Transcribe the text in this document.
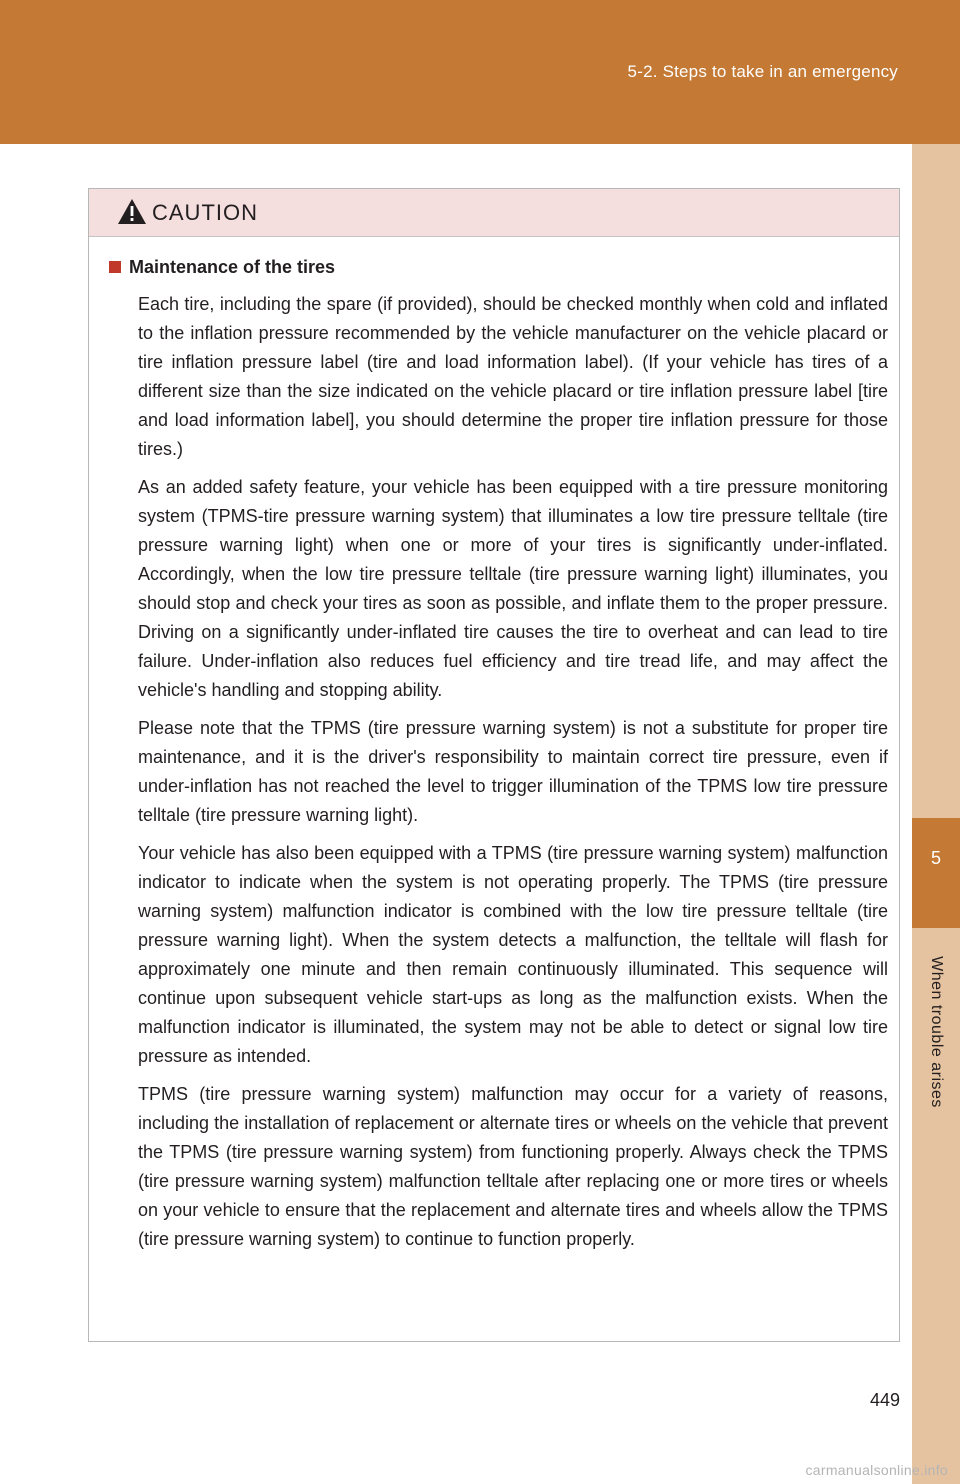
5-2. Steps to take in an emergency
5
When trouble arises
CAUTION
Maintenance of the tires

Each tire, including the spare (if provided), should be checked monthly when cold and inflated to the inflation pressure recommended by the vehicle manufacturer on the vehicle placard or tire inflation pressure label (tire and load information label). (If your vehicle has tires of a different size than the size indicated on the vehicle placard or tire inflation pressure label [tire and load information label], you should determine the proper tire inflation pressure for those tires.)

As an added safety feature, your vehicle has been equipped with a tire pressure monitoring system (TPMS-tire pressure warning system) that illuminates a low tire pressure telltale (tire pressure warning light) when one or more of your tires is significantly under-inflated. Accordingly, when the low tire pressure telltale (tire pressure warning light) illuminates, you should stop and check your tires as soon as possible, and inflate them to the proper pressure. Driving on a significantly under-inflated tire causes the tire to overheat and can lead to tire failure. Under-inflation also reduces fuel efficiency and tire tread life, and may affect the vehicle's handling and stopping ability.

Please note that the TPMS (tire pressure warning system) is not a substitute for proper tire maintenance, and it is the driver's responsibility to maintain correct tire pressure, even if under-inflation has not reached the level to trigger illumination of the TPMS low tire pressure telltale (tire pressure warning light).

Your vehicle has also been equipped with a TPMS (tire pressure warning system) malfunction indicator to indicate when the system is not operating properly. The TPMS (tire pressure warning system) malfunction indicator is combined with the low tire pressure telltale (tire pressure warning light). When the system detects a malfunction, the telltale will flash for approximately one minute and then remain continuously illuminated. This sequence will continue upon subsequent vehicle start-ups as long as the malfunction exists. When the malfunction indicator is illuminated, the system may not be able to detect or signal low tire pressure as intended.

TPMS (tire pressure warning system) malfunction may occur for a variety of reasons, including the installation of replacement or alternate tires or wheels on the vehicle that prevent the TPMS (tire pressure warning system) from functioning properly. Always check the TPMS (tire pressure warning system) malfunction telltale after replacing one or more tires or wheels on your vehicle to ensure that the replacement and alternate tires and wheels allow the TPMS (tire pressure warning system) to continue to function properly.

449
carmanualsonline.info
